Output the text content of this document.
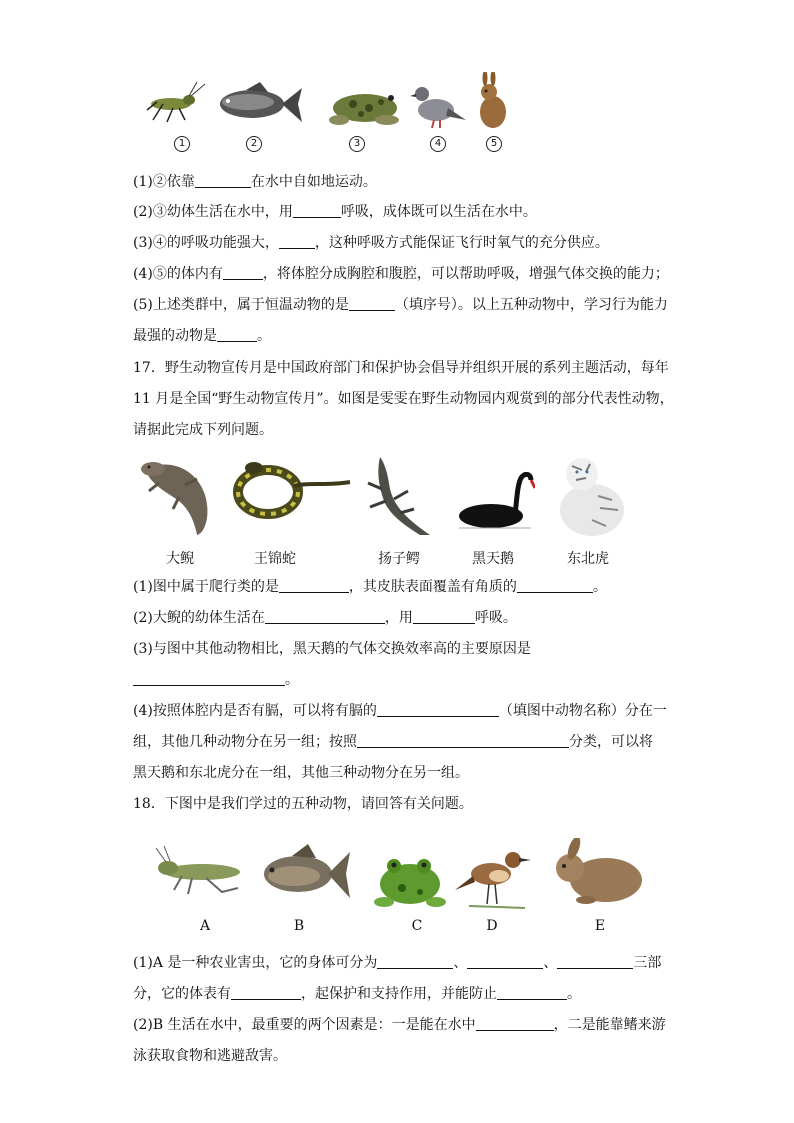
1	2	3	4	5
(1)②依靠	在水中自如地运动。
(2)③幼体生活在水中，用	呼吸，成体既可以生活在水中。
(3)④的呼吸功能强大，	，这种呼吸方式能保证飞行时氧气的充分供应。
(4)⑤的体内有	，将体腔分成胸腔和腹腔，可以帮助呼吸，增强气体交换的能力；
(5)上述类群中，属于恒温动物的是	（填序号）。以上五种动物中，学习行为能力
最强的动物是	。
17．野生动物宣传月是中国政府部门和保护协会倡导并组织开展的系列主题活动，每年
11 月是全国“野生动物宣传月”。如图是雯雯在野生动物园内观赏到的部分代表性动物，
请据此完成下列问题。
大鲵	王锦蛇	扬子鳄	黑天鹅	东北虎
(1)图中属于爬行类的是	，其皮肤表面覆盖有角质的	。
(2)大鲵的幼体生活在	，用	呼吸。
(3)与图中其他动物相比，黑天鹅的气体交换效率高的主要原因是
。
(4)按照体腔内是否有膈，可以将有膈的	（填图中动物名称）分在一
组，其他几种动物分在另一组；按照	分类，可以将
黑天鹅和东北虎分在一组，其他三种动物分在另一组。
18．下图中是我们学过的五种动物，请回答有关问题。
A	B	C	D	E
(1)A 是一种农业害虫，它的身体可分为	、	、	三部
分，它的体表有	，起保护和支持作用，并能防止	。
(2)B 生活在水中，最重要的两个因素是：一是能在水中	，二是能靠鳍来游
泳获取食物和逃避敌害。
